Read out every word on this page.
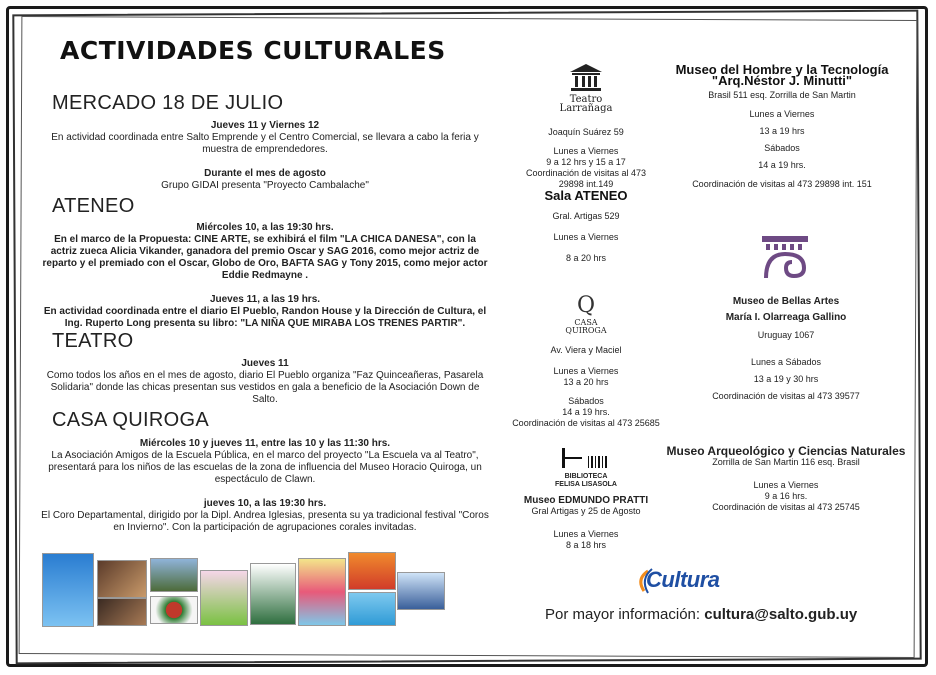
ACTIVIDADES CULTURALES
MERCADO 18 DE JULIO
Jueves 11 y Viernes 12
En actividad coordinada entre Salto Emprende y el Centro Comercial, se llevara a cabo la feria y muestra de emprendedores.

Durante el mes de agosto
Grupo GIDAI presenta "Proyecto Cambalache"
ATENEO
Miércoles 10, a las 19:30 hrs.
En el marco de la Propuesta: CINE ARTE, se exhibirá el film "LA CHICA DANESA", con la actriz zueca Alicia Vikander, ganadora del premio Oscar y SAG 2016, como mejor actriz de reparto y el premiado con el Oscar, Globo de Oro, BAFTA SAG y Tony 2015, como mejor actor Eddie Redmayne .

Jueves 11, a las 19 hrs.
En actividad coordinada entre el diario El Pueblo, Randon House y la Dirección de Cultura, el Ing. Ruperto Long presenta su libro: "LA NIÑA QUE MIRABA LOS TRENES PARTIR".
TEATRO
Jueves 11
Como todos los años en el mes de agosto, diario El Pueblo organiza "Faz Quinceañeras, Pasarela Solidaria" donde las chicas presentan sus vestidos en gala a beneficio de la Asociación Down de Salto.
CASA QUIROGA
Miércoles 10 y jueves 11, entre las 10 y las 11:30 hrs.
La Asociación Amigos de la Escuela Pública, en el marco del proyecto "La Escuela va al Teatro", presentará para los niños de las escuelas de la zona de influencia del Museo Horacio Quiroga, un espectáculo de Clawn.

jueves 10, a las 19:30 hrs.
El Coro Departamental, dirigido por la Dipl. Andrea Iglesias, presenta su ya tradicional festival "Coros en Invierno". Con la participación de agrupaciones corales invitadas.
Teatro
Larrañaga
Joaquín Suárez 59
Lunes a Viernes
9 a 12 hrs y 15 a 17
Coordinación de visitas al 473 29898 int.149
Sala ATENEO
Gral. Artigas 529
Lunes a Viernes
8 a 20 hrs
Q
CASA
QUIROGA
Av. Viera y Maciel
Lunes a Viernes
13 a 20 hrs
Sábados
14 a 19 hrs.
Coordinación de visitas al 473 25685
BIBLIOTECA
FELISA LISASOLA
Museo EDMUNDO PRATTI
Gral Artigas y 25 de Agosto
Lunes a Viernes
8 a 18 hrs
Museo del Hombre y la Tecnología
"Arq.Néstor J. Minutti"
Brasil 511 esq. Zorrilla de San Martin
Lunes a Viernes
13 a 19 hrs
Sábados
14 a 19 hrs.
Coordinación de visitas al 473 29898 int. 151
Museo de Bellas Artes
María I. Olarreaga Gallino
Uruguay 1067
Lunes a Sábados
13 a 19 y 30 hrs
Coordinación de visitas al 473 39577
Museo Arqueológico y Ciencias Naturales
Zorrilla de San Martin 116 esq. Brasil
Lunes a Viernes
9 a 16 hrs.
Coordinación de visitas al 473 25745
Cultura
Por mayor información: cultura@salto.gub.uy
